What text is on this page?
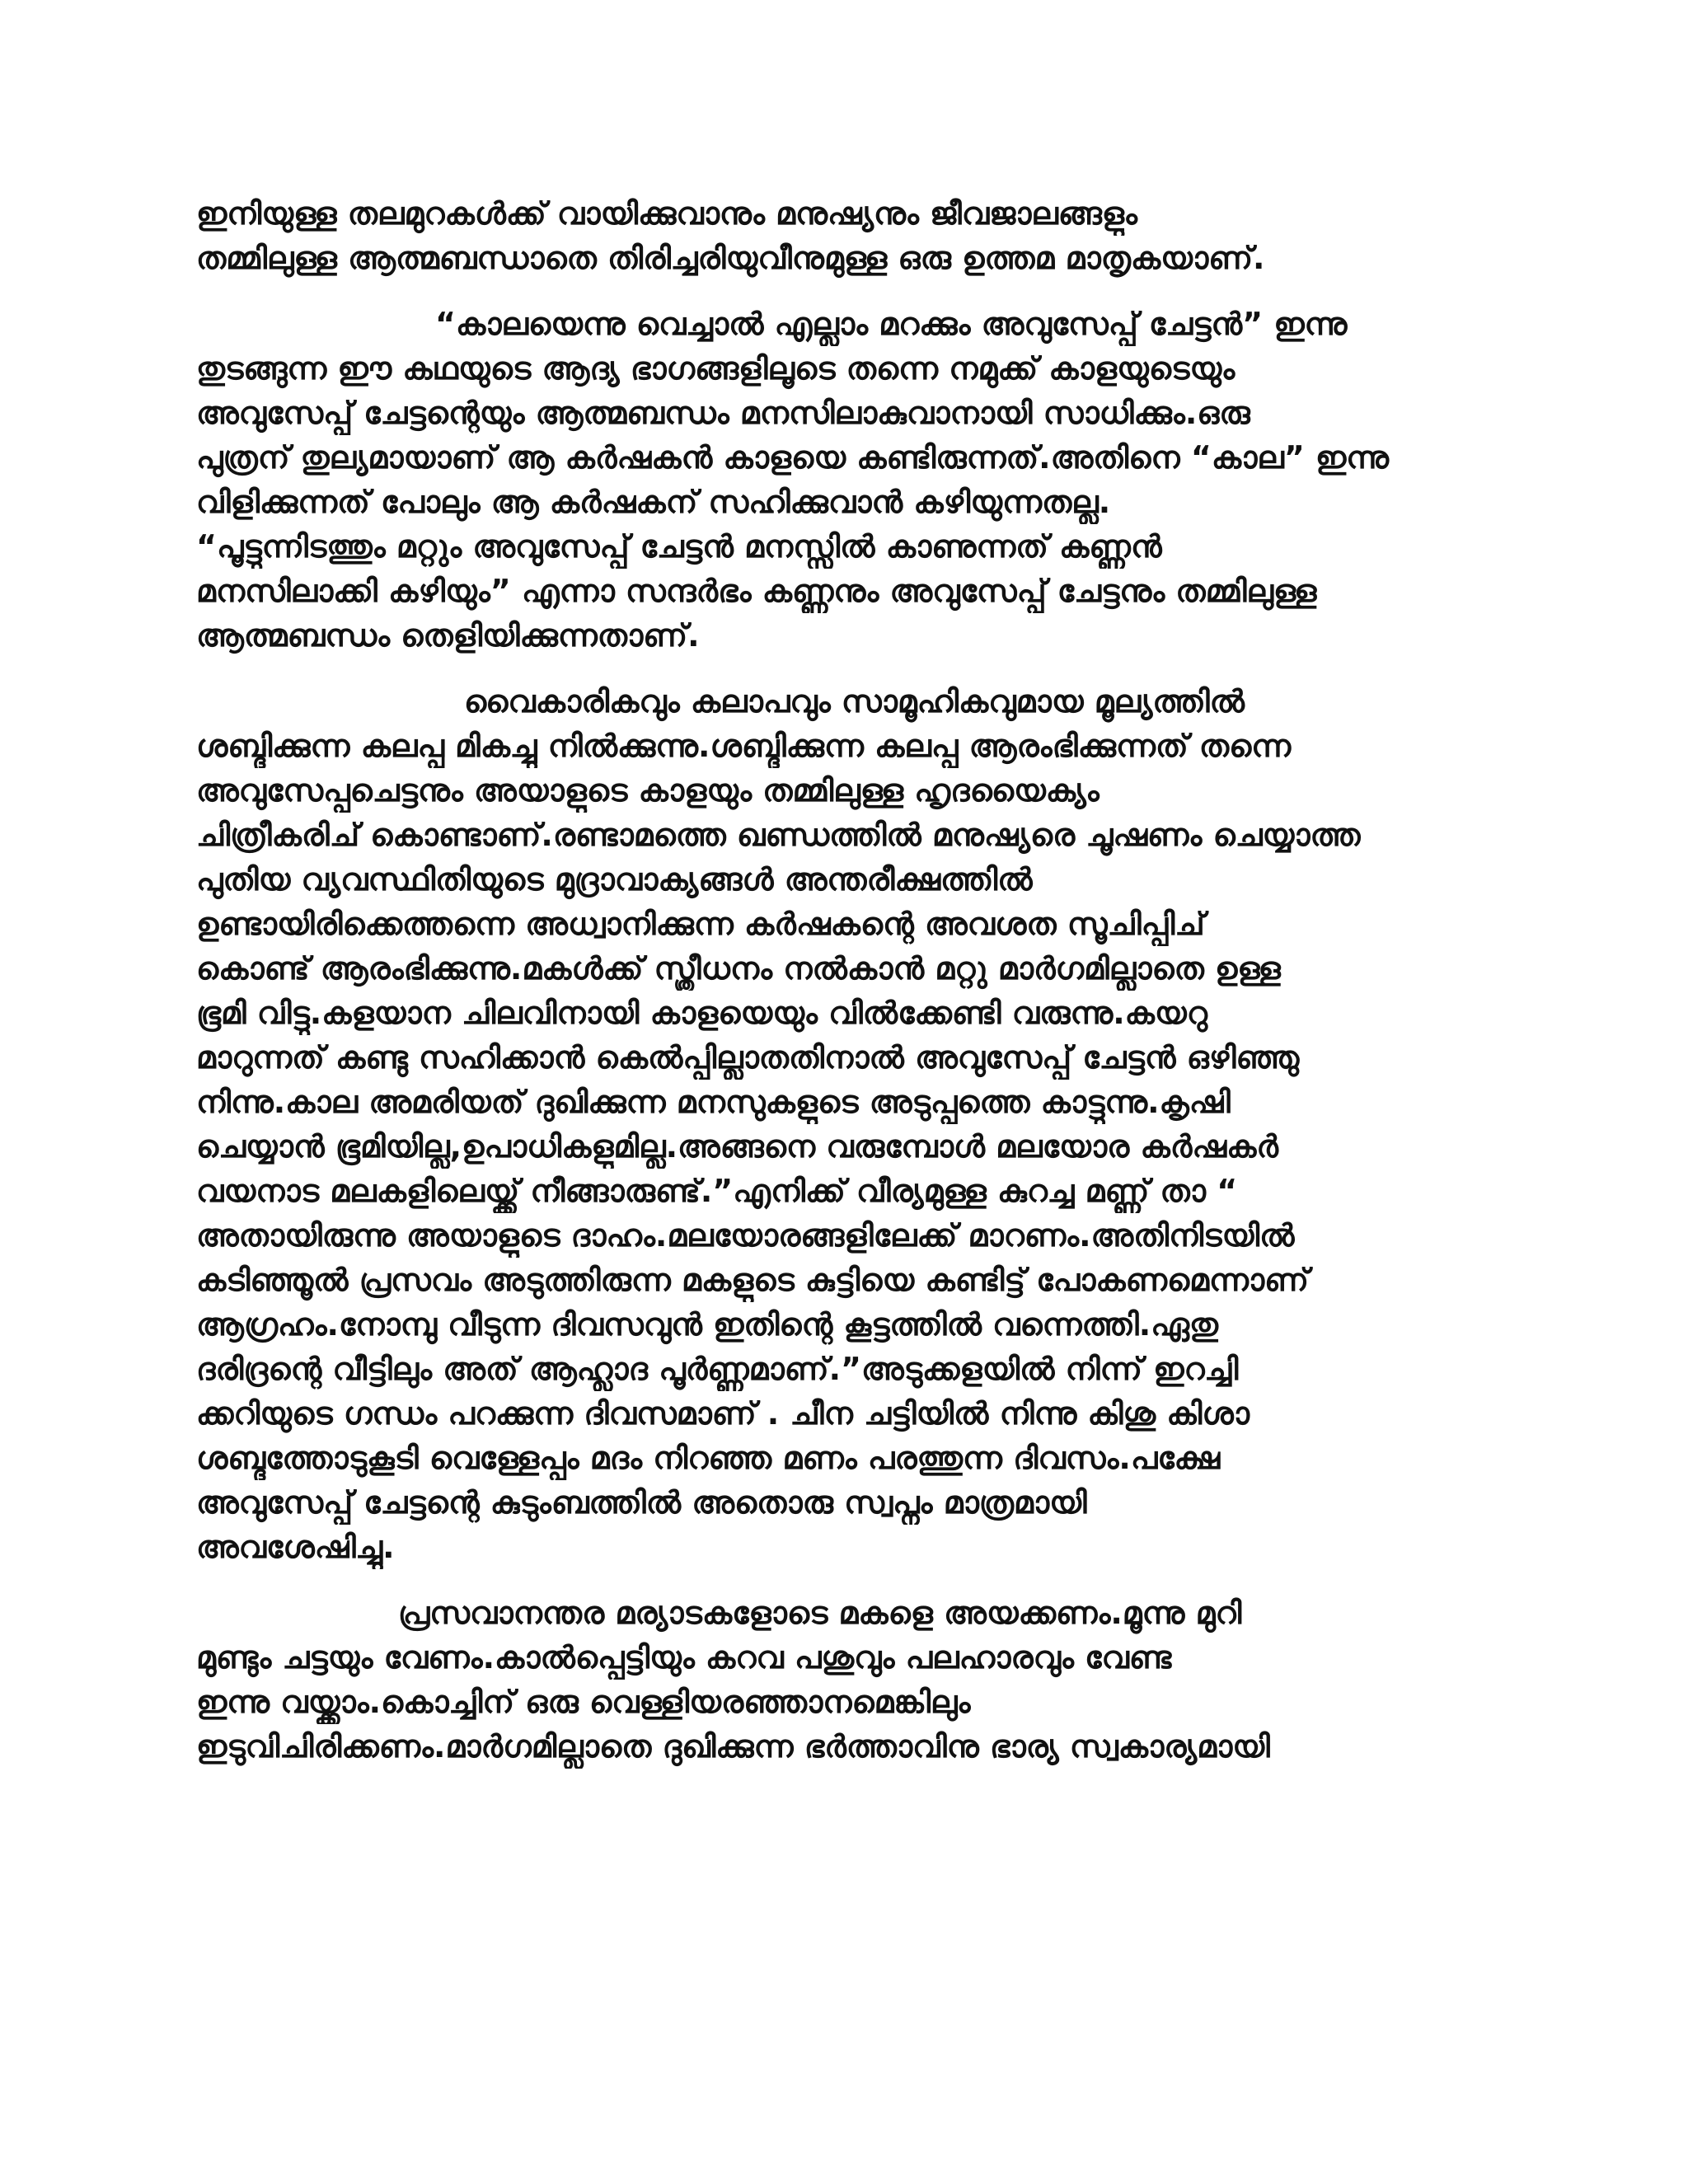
ഇനിയുള്ള തലമുറകൾക്ക് വായിക്കുവാനും മനുഷ്യനും ജീവജാലങ്ങളും
തമ്മിലുള്ള ആത്മബന്ധാതെ തിരിച്ചരിയുവീനുമുള്ള ഒരു ഉത്തമ മാതൃകയാണ്.
“കാലയെന്നു വെച്ചാൽ എല്ലാം മറക്കും അവുസേപ്പ് ചേട്ടൻ” ഇന്നു
തുടങ്ങുന്ന ഈ കഥയുടെ ആദ്യ ഭാഗങ്ങളിലൂടെ തന്നെ നമുക്ക് കാളയുടെയും
അവുസേപ്പ് ചേട്ടന്റെയും ആത്മബന്ധം മനസിലാകുവാനായി സാധിക്കും.ഒരു
പുത്രന് തുല്യമായാണ് ആ കർഷകൻ കാളയെ കണ്ടിരുന്നത്.അതിനെ “കാല” ഇന്നു
വിളിക്കുന്നത് പോലും ആ കർഷകന് സഹിക്കുവാൻ കഴിയുന്നതല്ല.
“പൂട്ടുന്നിടത്തും മറ്റും അവുസേപ്പ് ചേട്ടൻ മനസ്സിൽ കാണുന്നത് കണ്ണൻ
മനസിലാക്കി കഴിയും” എന്നാ സന്ദർഭം കണ്ണനും അവുസേപ്പ് ചേട്ടനും തമ്മിലുള്ള
ആത്മബന്ധം തെളിയിക്കുന്നതാണ്.
വൈകാരികവും കലാപവും സാമൂഹികവുമായ മൂല്യത്തിൽ
ശബ്ദിക്കുന്ന കലപ്പ മികച്ചു നിൽക്കുന്നു.ശബ്ദിക്കുന്ന കലപ്പ ആരംഭിക്കുന്നത് തന്നെ
അവുസേപ്പുചെട്ടനും അയാളുടെ കാളയും തമ്മിലുള്ള ഹൃദയൈക്യം
ചിത്രീകരിച് കൊണ്ടാണ്.രണ്ടാമത്തെ ഖണ്ഡത്തിൽ മനുഷ്യരെ ചൂഷണം ചെയ്യാത്ത
പുതിയ വ്യവസ്ഥിതിയുടെ മുദ്രാവാക്യങ്ങൾ അന്തരീക്ഷത്തിൽ
ഉണ്ടായിരിക്കെത്തന്നെ അധ്വാനിക്കുന്ന കർഷകന്റെ അവശത സൂചിപ്പിച്
കൊണ്ട് ആരംഭിക്കുന്നു.മകൾക്ക് സ്ത്രീധനം നൽകാൻ മറ്റു മാർഗമില്ലാതെ ഉള്ള
ഭൂമി വിട്ടു.കളയാന ചിലവിനായി കാളയെയും വിൽക്കേണ്ടി വരുന്നു.കയറു
മാറുന്നത് കണ്ടു സഹിക്കാൻ കെൽപ്പില്ലാതതിനാൽ അവുസേപ്പ് ചേട്ടൻ ഒഴിഞ്ഞു
നിന്നു.കാല അമരിയത് ദുഖിക്കുന്ന മനസുകളുടെ അടുപ്പത്തെ കാട്ടുന്നു.കൃഷി
ചെയ്യാൻ ഭൂമിയില്ല,ഉപാധികളുമില്ല.അങ്ങനെ വരുമ്പോൾ മലയോര കർഷകർ
വയനാട മലകളിലെയ്ക്ക് നീങ്ങാരുണ്ട്.”എനിക്ക് വീര്യമുള്ള കുറച്ച മണ്ണ് താ “
അതായിരുന്നു അയാളുടെ ദാഹം.മലയോരങ്ങളിലേക്ക് മാറണം.അതിനിടയിൽ
കടിഞ്ഞൂൽ പ്രസവം അടുത്തിരുന്ന മകളുടെ കുട്ടിയെ കണ്ടിട്ട് പോകണമെന്നാണ്
ആഗ്രഹം.നോമ്പു വീടുന്ന ദിവസവുൻ ഇതിന്റെ കൂട്ടത്തിൽ വന്നെത്തി.ഏതു
ദരിദ്രന്റെ വീട്ടിലും അത് ആഹ്ലാദ പൂർണ്ണമാണ്.”അടുക്കളയിൽ നിന്ന് ഇറച്ചി
ക്കറിയുടെ ഗന്ധം പറക്കുന്ന ദിവസമാണ് . ചീന ചട്ടിയിൽ നിന്നു കിശു കിശാ
ശബ്ദത്തോടുകൂടി വെള്ളേപ്പം മദം നിറഞ്ഞ മണം പരത്തുന്ന ദിവസം.പക്ഷേ
അവുസേപ്പ് ചേട്ടന്റെ കുടുംബത്തിൽ അതൊരു സ്വപ്നം മാത്രമായി
അവശേഷിച്ചു.
പ്രസവാനന്തര മര്യാടകളോടെ മകളെ അയക്കണം.മൂന്നു മുറി
മുണ്ടും ചട്ടയും വേണം.കാൽപ്പെട്ടിയും കറവ പശുവും പലഹാരവും വേണ്ട
ഇന്നു വയ്ക്കാം.കൊച്ചിന് ഒരു വെള്ളിയരഞ്ഞാനമെങ്കിലും
ഇടുവിചിരിക്കണം.മാർഗമില്ലാതെ ദുഖിക്കുന്ന ഭർത്താവിനു ഭാര്യ സ്വകാര്യമായി
